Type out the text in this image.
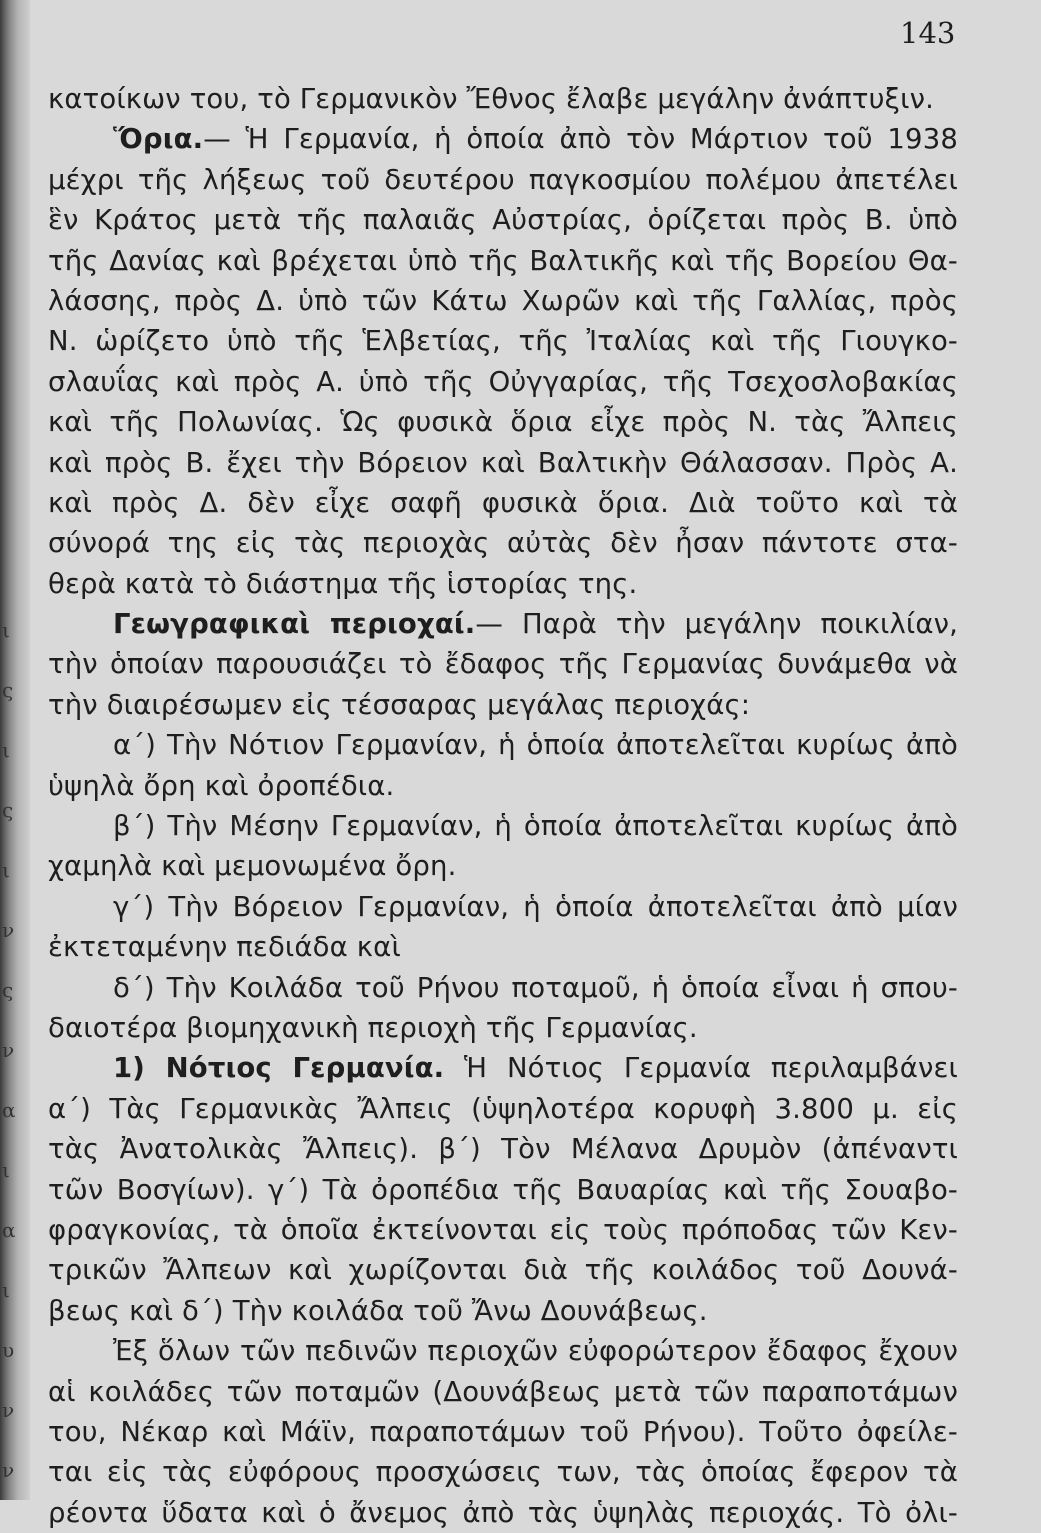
ι
ς
ι
ς
ι
ν
ς
ν
α
ι
α
ι
υ
ν
ν
143
κατοίκων του, τὸ Γερμανικὸν Ἔθνος ἔλαβε μεγάλην ἀνάπτυξιν.
Ὅρια.— Ἡ Γερμανία, ἡ ὁποία ἀπὸ τὸν Μάρτιον τοῦ 1938
μέχρι τῆς λήξεως τοῦ δευτέρου παγκοσμίου πολέμου ἀπετέλει
ἓν Κράτος μετὰ τῆς παλαιᾶς Αὐστρίας, ὁρίζεται πρὸς Β. ὑπὸ
τῆς Δανίας καὶ βρέχεται ὑπὸ τῆς Βαλτικῆς καὶ τῆς Βορείου Θα-
λάσσης, πρὸς Δ. ὑπὸ τῶν Κάτω Χωρῶν καὶ τῆς Γαλλίας, πρὸς
Ν. ὡρίζετο ὑπὸ τῆς Ἑλβετίας, τῆς Ἰταλίας καὶ τῆς Γιουγκο-
σλαυΐας καὶ πρὸς Α. ὑπὸ τῆς Οὐγγαρίας, τῆς Τσεχοσλοβακίας
καὶ τῆς Πολωνίας. Ὡς φυσικὰ ὅρια εἶχε πρὸς Ν. τὰς Ἄλπεις
καὶ πρὸς Β. ἔχει τὴν Βόρειον καὶ Βαλτικὴν Θάλασσαν. Πρὸς Α.
καὶ πρὸς Δ. δὲν εἶχε σαφῆ φυσικὰ ὅρια. Διὰ τοῦτο καὶ τὰ
σύνορά της εἰς τὰς περιοχὰς αὐτὰς δὲν ἦσαν πάντοτε στα-
θερὰ κατὰ τὸ διάστημα τῆς ἱστορίας της.
Γεωγραφικαὶ περιοχαί.— Παρὰ τὴν μεγάλην ποικιλίαν,
τὴν ὁποίαν παρουσιάζει τὸ ἔδαφος τῆς Γερμανίας δυνάμεθα νὰ
τὴν διαιρέσωμεν εἰς τέσσαρας μεγάλας περιοχάς:
α΄) Τὴν Νότιον Γερμανίαν, ἡ ὁποία ἀποτελεῖται κυρίως ἀπὸ
ὑψηλὰ ὄρη καὶ ὀροπέδια.
β΄) Τὴν Μέσην Γερμανίαν, ἡ ὁποία ἀποτελεῖται κυρίως ἀπὸ
χαμηλὰ καὶ μεμονωμένα ὄρη.
γ΄) Τὴν Βόρειον Γερμανίαν, ἡ ὁποία ἀποτελεῖται ἀπὸ μίαν
ἐκτεταμένην πεδιάδα καὶ
δ΄) Τὴν Κοιλάδα τοῦ Ρήνου ποταμοῦ, ἡ ὁποία εἶναι ἡ σπου-
δαιοτέρα βιομηχανικὴ περιοχὴ τῆς Γερμανίας.
1) Νότιος Γερμανία. Ἡ Νότιος Γερμανία περιλαμβάνει
α΄) Τὰς Γερμανικὰς Ἄλπεις (ὑψηλοτέρα κορυφὴ 3.800 μ. εἰς
τὰς Ἀνατολικὰς Ἄλπεις). β΄) Τὸν Μέλανα Δρυμὸν (ἀπέναντι
τῶν Βοσγίων). γ΄) Τὰ ὀροπέδια τῆς Βαυαρίας καὶ τῆς Σουαβο-
φραγκονίας, τὰ ὁποῖα ἐκτείνονται εἰς τοὺς πρόποδας τῶν Κεν-
τρικῶν Ἄλπεων καὶ χωρίζονται διὰ τῆς κοιλάδος τοῦ Δουνά-
βεως καὶ δ΄) Τὴν κοιλάδα τοῦ Ἄνω Δουνάβεως.
Ἐξ ὅλων τῶν πεδινῶν περιοχῶν εὐφορώτερον ἔδαφος ἔχουν
αἱ κοιλάδες τῶν ποταμῶν (Δουνάβεως μετὰ τῶν παραποτάμων
του, Νέκαρ καὶ Μάϊν, παραποτάμων τοῦ Ρήνου). Τοῦτο ὀφείλε-
ται εἰς τὰς εὐφόρους προσχώσεις των, τὰς ὁποίας ἔφερον τὰ
ρέοντα ὕδατα καὶ ὁ ἄνεμος ἀπὸ τὰς ὑψηλὰς περιοχάς. Τὸ ὀλι-
